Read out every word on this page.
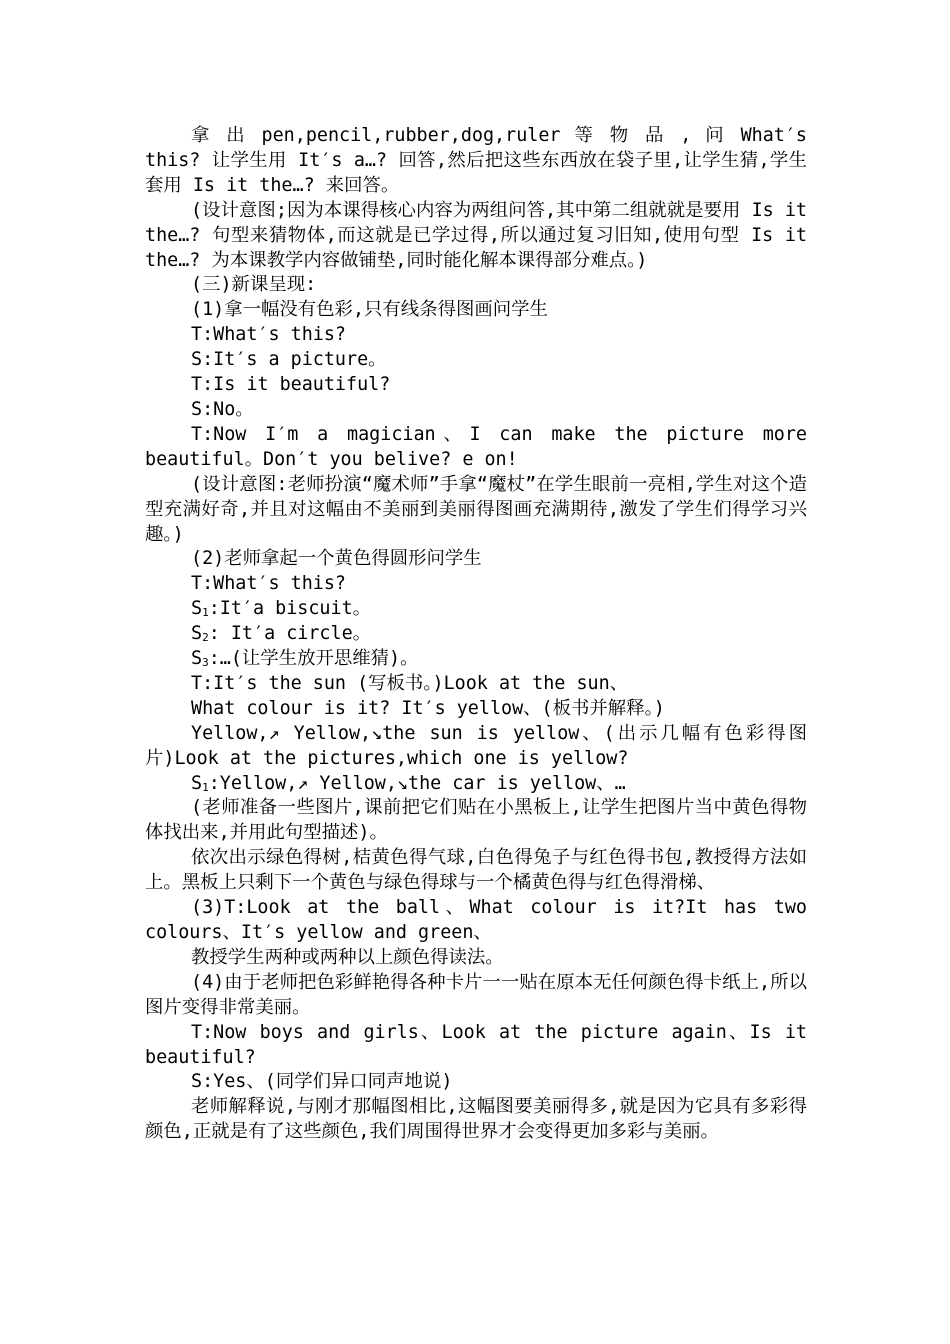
拿 出 pen,pencil,rubber,dog,ruler 等 物 品 , 问 What′s this? 让学生用 It′s a…? 回答,然后把这些东西放在袋子里,让学生猜,学生套用 Is it the…? 来回答。

(设计意图;因为本课得核心内容为两组问答,其中第二组就就是要用 Is it the…? 句型来猜物体,而这就是已学过得,所以通过复习旧知,使用句型 Is it the…? 为本课教学内容做铺垫,同时能化解本课得部分难点。)

(三)新课呈现:

(1)拿一幅没有色彩,只有线条得图画问学生

T:What′s this?

S:It′s a picture。

T:Is it beautiful?

S:No。

T:Now I′m a magician、I can make the picture more beautiful。Don′t you belive? e on!

(设计意图:老师扮演“魔术师”手拿“魔杖”在学生眼前一亮相,学生对这个造型充满好奇,并且对这幅由不美丽到美丽得图画充满期待,激发了学生们得学习兴趣。)

(2)老师拿起一个黄色得圆形问学生

T:What′s this?

$S_1:It'a$ biscuit。

$S_2$: It′a circle。

$S_3:\dots$(让学生放开思维猜)。

T:It′s the sun (写板书。)Look at the sun、

What colour is it? It′s yellow、(板书并解释。)

Yellow,↗ Yellow,↘the sun is yellow、(出示几幅有色彩得图片)Look at the pictures,which one is yellow?

$S_1:Yellow,↗$ Yellow,↘the car is yellow、…

(老师准备一些图片,课前把它们贴在小黑板上,让学生把图片当中黄色得物体找出来,并用此句型描述)。

依次出示绿色得树,桔黄色得气球,白色得兔子与红色得书包,教授得方法如上。黑板上只剩下一个黄色与绿色得球与一个橘黄色得与红色得滑梯、

(3)T:Look at the ball、What colour is it?It has two colours、It′s yellow and green、

教授学生两种或两种以上颜色得读法。

(4)由于老师把色彩鲜艳得各种卡片一一贴在原本无任何颜色得卡纸上,所以图片变得非常美丽。

T:Now boys and girls、Look at the picture again、Is it beautiful?

S:Yes、(同学们异口同声地说)

老师解释说,与刚才那幅图相比,这幅图要美丽得多,就是因为它具有多彩得颜色,正就是有了这些颜色,我们周围得世界才会变得更加多彩与美丽。
